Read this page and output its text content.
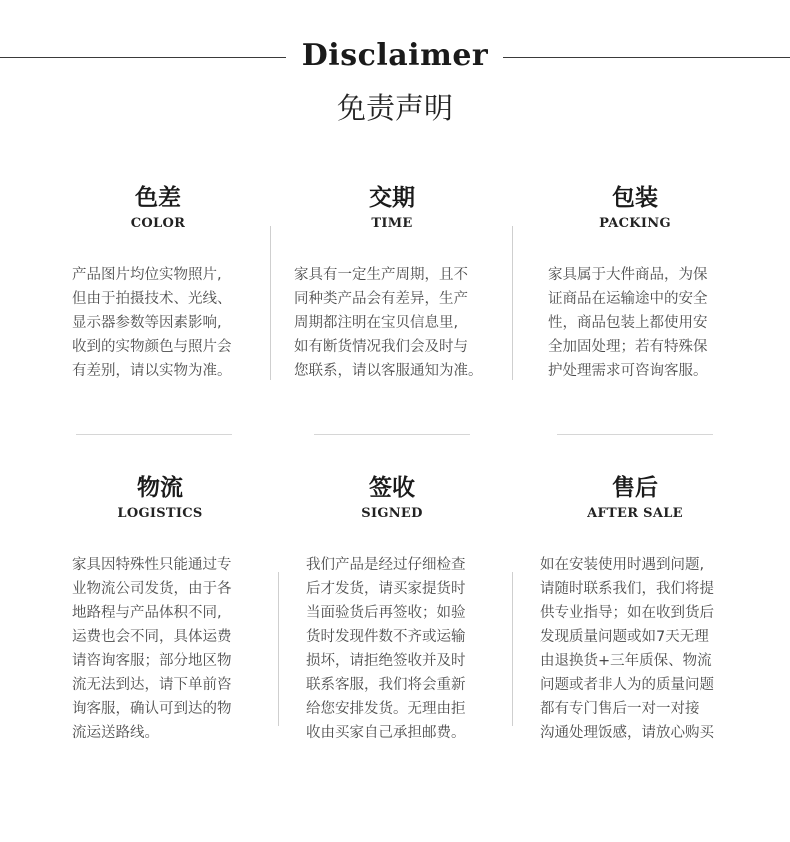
Disclaimer
免责声明
色差
COLOR
交期
TIME
包装
PACKING

产品图片均位实物照片,

但由于拍摄技术、光线、

显示器参数等因素影响,

收到的实物颜色与照片会

有差别，请以实物为准。

家具有一定生产周期，且不

同种类产品会有差异，生产

周期都注明在宝贝信息里,

如有断货情况我们会及时与

您联系，请以客服通知为准。

家具属于大件商品，为保

证商品在运输途中的安全

性，商品包装上都使用安

全加固处理；若有特殊保

护处理需求可咨询客服。

物流
LOGISTICS
签收
SIGNED
售后
AFTER SALE

家具因特殊性只能通过专

业物流公司发货，由于各

地路程与产品体积不同,

运费也会不同，具体运费

请咨询客服；部分地区物

流无法到达，请下单前咨

询客服，确认可到达的物

流运送路线。

我们产品是经过仔细检查

后才发货，请买家提货时

当面验货后再签收；如验

货时发现件数不齐或运输

损坏，请拒绝签收并及时

联系客服，我们将会重新

给您安排发货。无理由拒

收由买家自己承担邮费。

如在安装使用时遇到问题,

请随时联系我们，我们将提

供专业指导；如在收到货后

发现质量问题或如7天无理

由退换货+三年质保、物流

问题或者非人为的质量问题

都有专门售后一对一对接

沟通处理饭感，请放心购买
